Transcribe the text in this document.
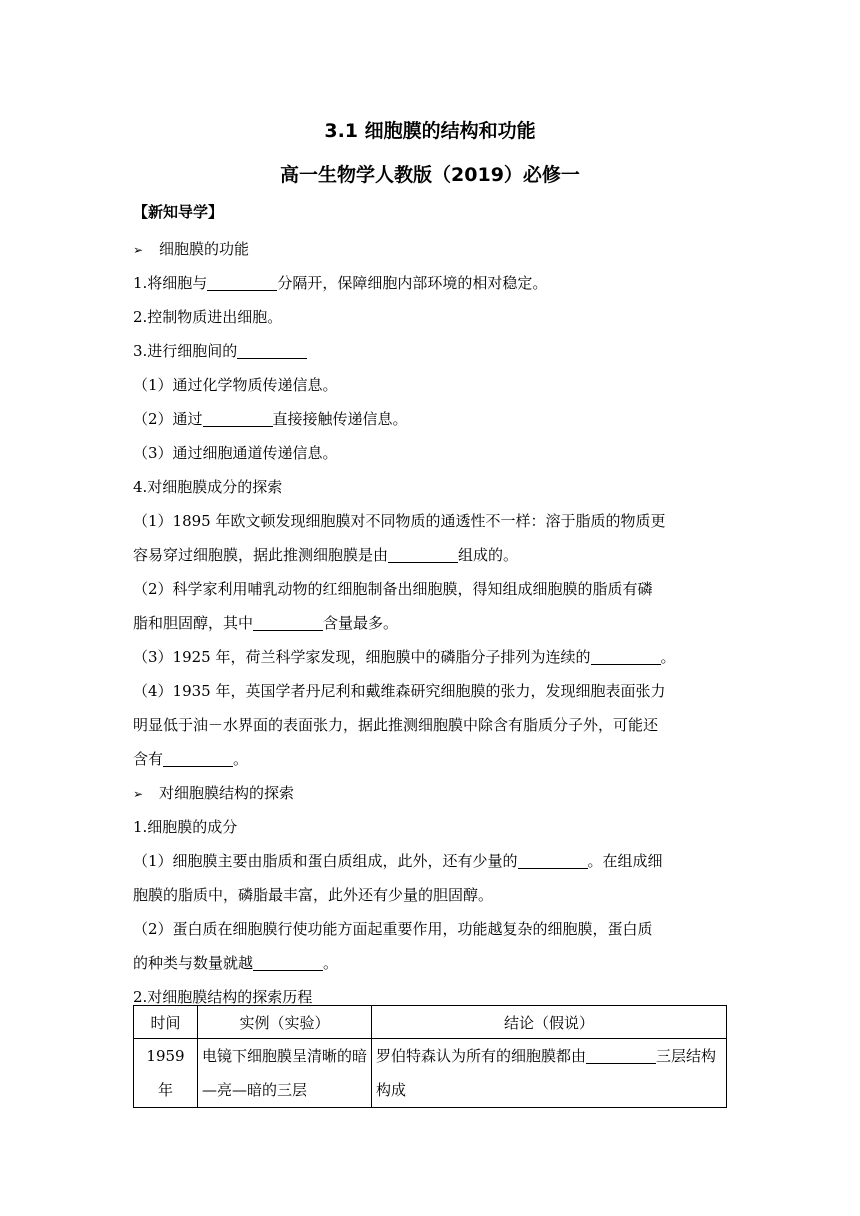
3.1 细胞膜的结构和功能
高一生物学人教版（2019）必修一
【新知导学】
➢ 细胞膜的功能
1.将细胞与	分隔开，保障细胞内部环境的相对稳定。
2.控制物质进出细胞。
3.进行细胞间的
（1）通过化学物质传递信息。
（2）通过	直接接触传递信息。
（3）通过细胞通道传递信息。
4.对细胞膜成分的探索
（1）1895 年欧文顿发现细胞膜对不同物质的通透性不一样：溶于脂质的物质更
容易穿过细胞膜，据此推测细胞膜是由	组成的。
（2）科学家利用哺乳动物的红细胞制备出细胞膜，得知组成细胞膜的脂质有磷
脂和胆固醇，其中	含量最多。
（3）1925 年，荷兰科学家发现，细胞膜中的磷脂分子排列为连续的	。
（4）1935 年，英国学者丹尼利和戴维森研究细胞膜的张力，发现细胞表面张力
明显低于油－水界面的表面张力，据此推测细胞膜中除含有脂质分子外，可能还
含有	。
➢ 对细胞膜结构的探索
1.细胞膜的成分
（1）细胞膜主要由脂质和蛋白质组成，此外，还有少量的	。在组成细
胞膜的脂质中，磷脂最丰富，此外还有少量的胆固醇。
（2）蛋白质在细胞膜行使功能方面起重要作用，功能越复杂的细胞膜，蛋白质
的种类与数量就越	。
2.对细胞膜结构的探索历程
时间	实例（实验）	结论（假说）
1959 年	电镜下细胞膜呈清晰的暗—亮—暗的三层	罗伯特森认为所有的细胞膜都由 三层结构构成
